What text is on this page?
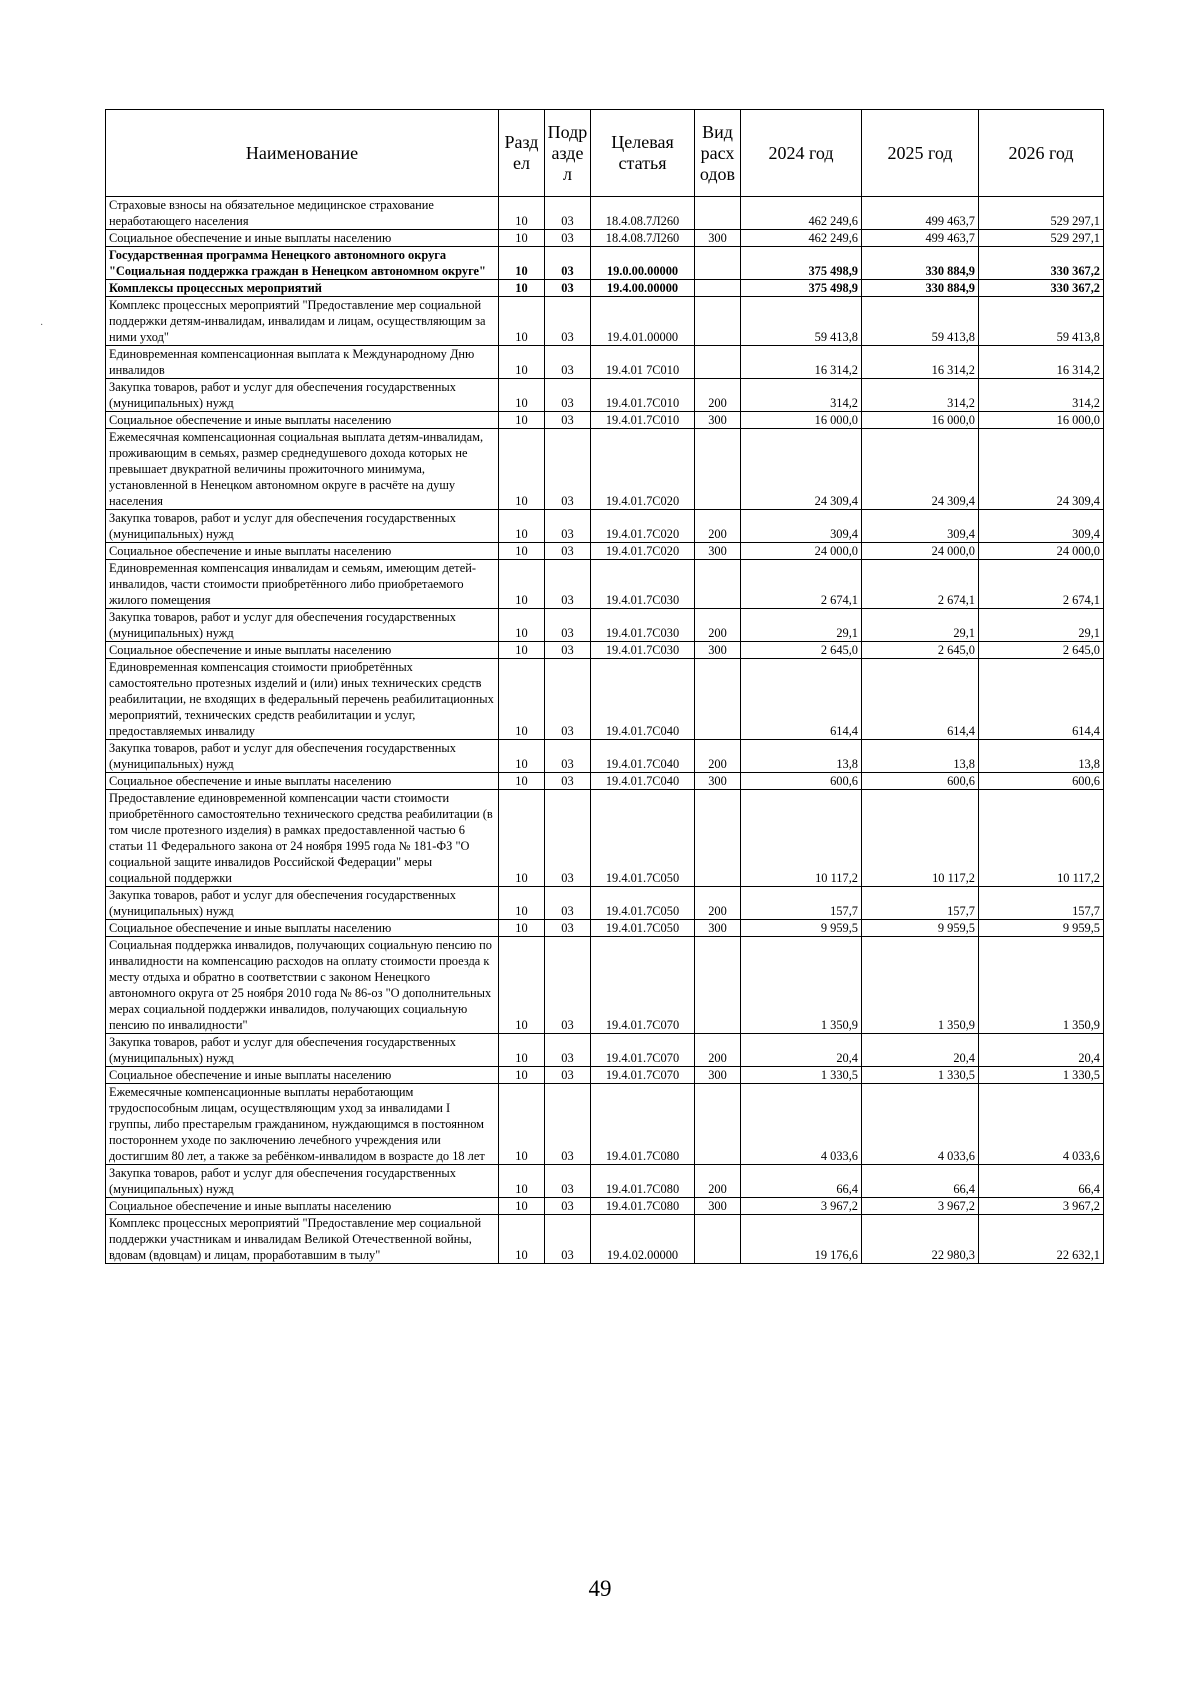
·
Наименование	Разд ел	Подр азде л	Целевая статья	Вид расх одов	2024 год	2025 год	2026 год
Страховые взносы на обязательное медицинское страхование неработающего населения	10	03	18.4.08.7Л260		462 249,6	499 463,7	529 297,1
Социальное обеспечение и иные выплаты населению	10	03	18.4.08.7Л260	300	462 249,6	499 463,7	529 297,1
Государственная программа Ненецкого автономного округа "Социальная поддержка граждан в Ненецком автономном округе"	10	03	19.0.00.00000		375 498,9	330 884,9	330 367,2
Комплексы процессных мероприятий	10	03	19.4.00.00000		375 498,9	330 884,9	330 367,2
Комплекс процессных мероприятий "Предоставление мер социальной поддержки детям-инвалидам, инвалидам и лицам, осуществляющим за ними уход"	10	03	19.4.01.00000		59 413,8	59 413,8	59 413,8
Единовременная компенсационная выплата к Международному Дню инвалидов	10	03	19.4.01 7С010		16 314,2	16 314,2	16 314,2
Закупка товаров, работ и услуг для обеспечения государственных (муниципальных) нужд	10	03	19.4.01.7С010	200	314,2	314,2	314,2
Социальное обеспечение и иные выплаты населению	10	03	19.4.01.7С010	300	16 000,0	16 000,0	16 000,0
Ежемесячная компенсационная социальная выплата детям-инвалидам, проживающим в семьях, размер среднедушевого дохода которых не превышает двукратной величины прожиточного минимума, установленной в Ненецком автономном округе в расчёте на душу населения	10	03	19.4.01.7С020		24 309,4	24 309,4	24 309,4
Закупка товаров, работ и услуг для обеспечения государственных (муниципальных) нужд	10	03	19.4.01.7С020	200	309,4	309,4	309,4
Социальное обеспечение и иные выплаты населению	10	03	19.4.01.7С020	300	24 000,0	24 000,0	24 000,0
Единовременная компенсация инвалидам и семьям, имеющим детей-инвалидов, части стоимости приобретённого либо приобретаемого жилого помещения	10	03	19.4.01.7С030		2 674,1	2 674,1	2 674,1
Закупка товаров, работ и услуг для обеспечения государственных (муниципальных) нужд	10	03	19.4.01.7С030	200	29,1	29,1	29,1
Социальное обеспечение и иные выплаты населению	10	03	19.4.01.7С030	300	2 645,0	2 645,0	2 645,0
Единовременная компенсация стоимости приобретённых самостоятельно протезных изделий и (или) иных технических средств реабилитации, не входящих в федеральный перечень реабилитационных мероприятий, технических средств реабилитации и услуг, предоставляемых инвалиду	10	03	19.4.01.7С040		614,4	614,4	614,4
Закупка товаров, работ и услуг для обеспечения государственных (муниципальных) нужд	10	03	19.4.01.7С040	200	13,8	13,8	13,8
Социальное обеспечение и иные выплаты населению	10	03	19.4.01.7С040	300	600,6	600,6	600,6
Предоставление единовременной компенсации части стоимости приобретённого самостоятельно технического средства реабилитации (в том числе протезного изделия) в рамках предоставленной частью 6 статьи 11 Федерального закона от 24 ноября 1995 года № 181-ФЗ "О социальной защите инвалидов Российской Федерации" меры социальной поддержки	10	03	19.4.01.7С050		10 117,2	10 117,2	10 117,2
Закупка товаров, работ и услуг для обеспечения государственных (муниципальных) нужд	10	03	19.4.01.7С050	200	157,7	157,7	157,7
Социальное обеспечение и иные выплаты населению	10	03	19.4.01.7С050	300	9 959,5	9 959,5	9 959,5
Социальная поддержка инвалидов, получающих социальную пенсию по инвалидности на компенсацию расходов на оплату стоимости проезда к месту отдыха и обратно в соответствии с законом Ненецкого автономного округа от 25 ноября 2010 года № 86-оз "О дополнительных мерах социальной поддержки инвалидов, получающих социальную пенсию по инвалидности"	10	03	19.4.01.7С070		1 350,9	1 350,9	1 350,9
Закупка товаров, работ и услуг для обеспечения государственных (муниципальных) нужд	10	03	19.4.01.7С070	200	20,4	20,4	20,4
Социальное обеспечение и иные выплаты населению	10	03	19.4.01.7С070	300	1 330,5	1 330,5	1 330,5
Ежемесячные компенсационные выплаты неработающим трудоспособным лицам, осуществляющим уход за инвалидами I группы, либо престарелым гражданином, нуждающимся в постоянном постороннем уходе по заключению лечебного учреждения или достигшим 80 лет, а также за ребёнком-инвалидом в возрасте до 18 лет	10	03	19.4.01.7С080		4 033,6	4 033,6	4 033,6
Закупка товаров, работ и услуг для обеспечения государственных (муниципальных) нужд	10	03	19.4.01.7С080	200	66,4	66,4	66,4
Социальное обеспечение и иные выплаты населению	10	03	19.4.01.7С080	300	3 967,2	3 967,2	3 967,2
Комплекс процессных мероприятий "Предоставление мер социальной поддержки участникам и инвалидам Великой Отечественной войны, вдовам (вдовцам) и лицам, проработавшим в тылу"	10	03	19.4.02.00000		19 176,6	22 980,3	22 632,1
49
